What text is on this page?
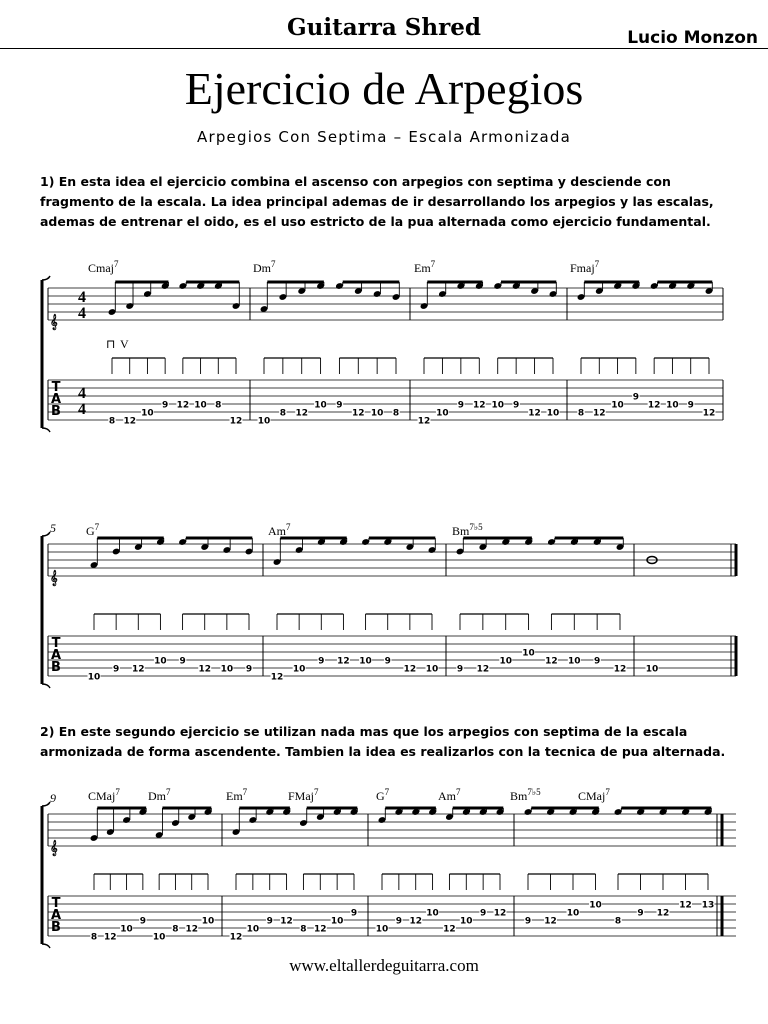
Guitarra Shred	Lucio Monzon
Ejercicio de Arpegios
Arpegios Con Septima – Escala Armonizada
1) En esta idea el ejercicio combina el ascenso con arpegios con septima y desciende con fragmento de la escala. La idea principal ademas de ir desarrollando los arpegios y las escalas, ademas de entrenar el oido, es el uso estricto de la pua alternada como ejercicio fundamental.
2) En este segundo ejercicio se utilizan nada mas que los arpegios con septima de la escala armonizada de forma ascendente. Tambien la idea es realizarlos con la tecnica de pua alternada.
www.eltallerdeguitarra.com
𝄞
T
A
B
4
4
4
4
Cmaj$^7$	Dm$^7$	Em$^7$	Fmaj$^7$
8 12
10
9 12 10 8
12 10
8 12
10 9
12 10 8
12
10
9 12 10 9
12 10 8 12
10
9
12 10 9
12
⊓ V
𝄞
T
A
B
5	$G^7$	Am$^7$	$Bm^{7♭5}$
10
9 12
10 9
12 10 9
12
10
9 12 10 9
12 10 9 12
10
10
12 10 9
12 10
𝄞
T
A
B
9	CMaj$^7$ Dm$^7$	Em$^7$	FMaj$^7$	$G^7$	Am$^7$	$Bm^{7♭5}$	CMaj$^7$
8 12
10
9
10
8 12
10
12
10
9 12
8 12
10
9
10
9 12
10
12
10
9 12
9 12
10
10
8
9 12
12 13
